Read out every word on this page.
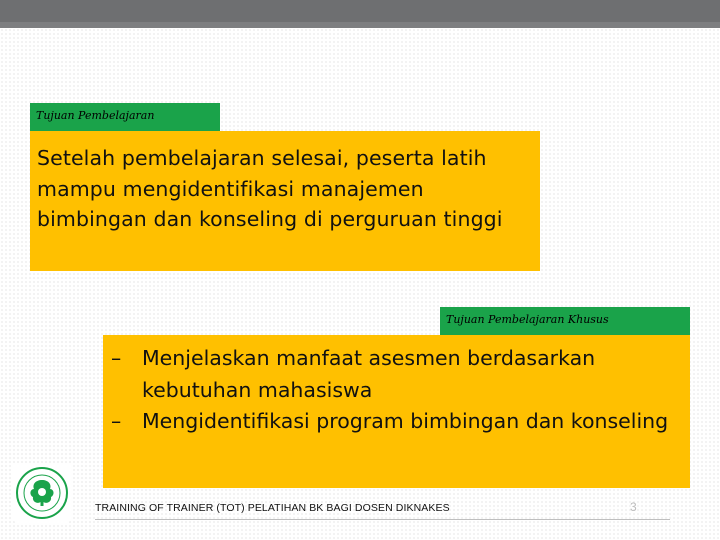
Tujuan Pembelajaran

Setelah pembelajaran selesai, peserta latih mampu mengidentifikasi manajemen bimbingan dan konseling di perguruan tinggi

Tujuan Pembelajaran Khusus
–	Menjelaskan manfaat asesmen berdasarkan kebutuhan mahasiswa
–	Mengidentifikasi program bimbingan dan konseling
TRAINING OF TRAINER (TOT) PELATIHAN BK BAGI DOSEN DIKNAKES	3
